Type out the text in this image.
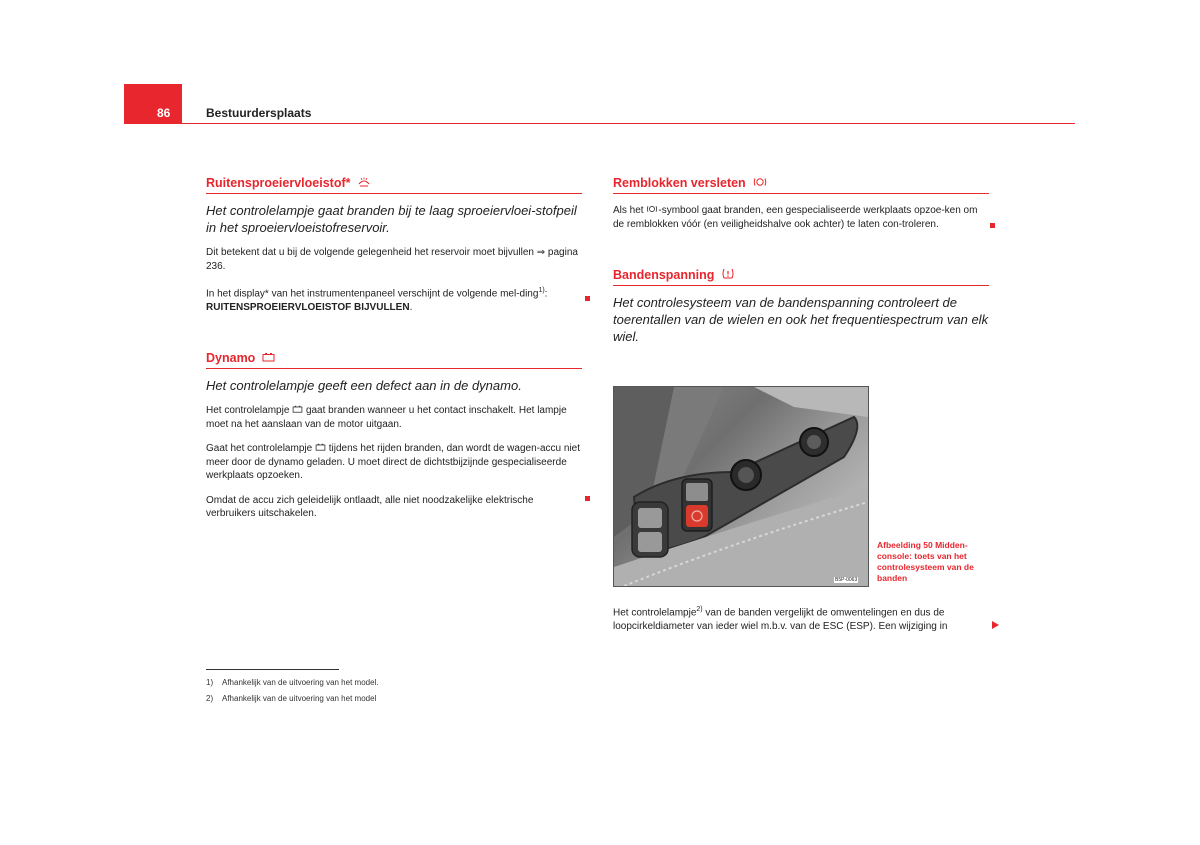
86	Bestuurdersplaats
Ruitensproeiervloeistof*

Het controlelampje gaat branden bij te laag sproeiervloei-stofpeil in het sproeiervloeistofreservoir.

Dit betekent dat u bij de volgende gelegenheid het reservoir moet bijvullen ⇒ pagina 236.

In het display* van het instrumentenpaneel verschijnt de volgende mel-ding$^{1)}$: RUITENSPROEIERVLOEISTOF BIJVULLEN.

Dynamo

Het controlelampje geeft een defect aan in de dynamo.

Het controlelampje gaat branden wanneer u het contact inschakelt. Het lampje moet na het aanslaan van de motor uitgaan.

Gaat het controlelampje tijdens het rijden branden, dan wordt de wagen-accu niet meer door de dynamo geladen. U moet direct de dichtstbijzijnde gespecialiseerde werkplaats opzoeken.

Omdat de accu zich geleidelijk ontlaadt, alle niet noodzakelijke elektrische verbruikers uitschakelen.

Remblokken versleten

Als het -symbool gaat branden, een gespecialiseerde werkplaats opzoe-ken om de remblokken vóór (en veiligheidshalve ook achter) te laten con-troleren.

Bandenspanning

Het controlesysteem van de bandenspanning controleert de toerentallen van de wielen en ook het frequentiespectrum van elk wiel.

B5P-0063
Afbeelding 50 Midden-console: toets van het controlesysteem van de banden

Het controlelampje$^{2)}$ van de banden vergelijkt de omwentelingen en dus de loopcirkeldiameter van ieder wiel m.b.v. van de ESC (ESP). Een wijziging in

1) Afhankelijk van de uitvoering van het model.
2) Afhankelijk van de uitvoering van het model
